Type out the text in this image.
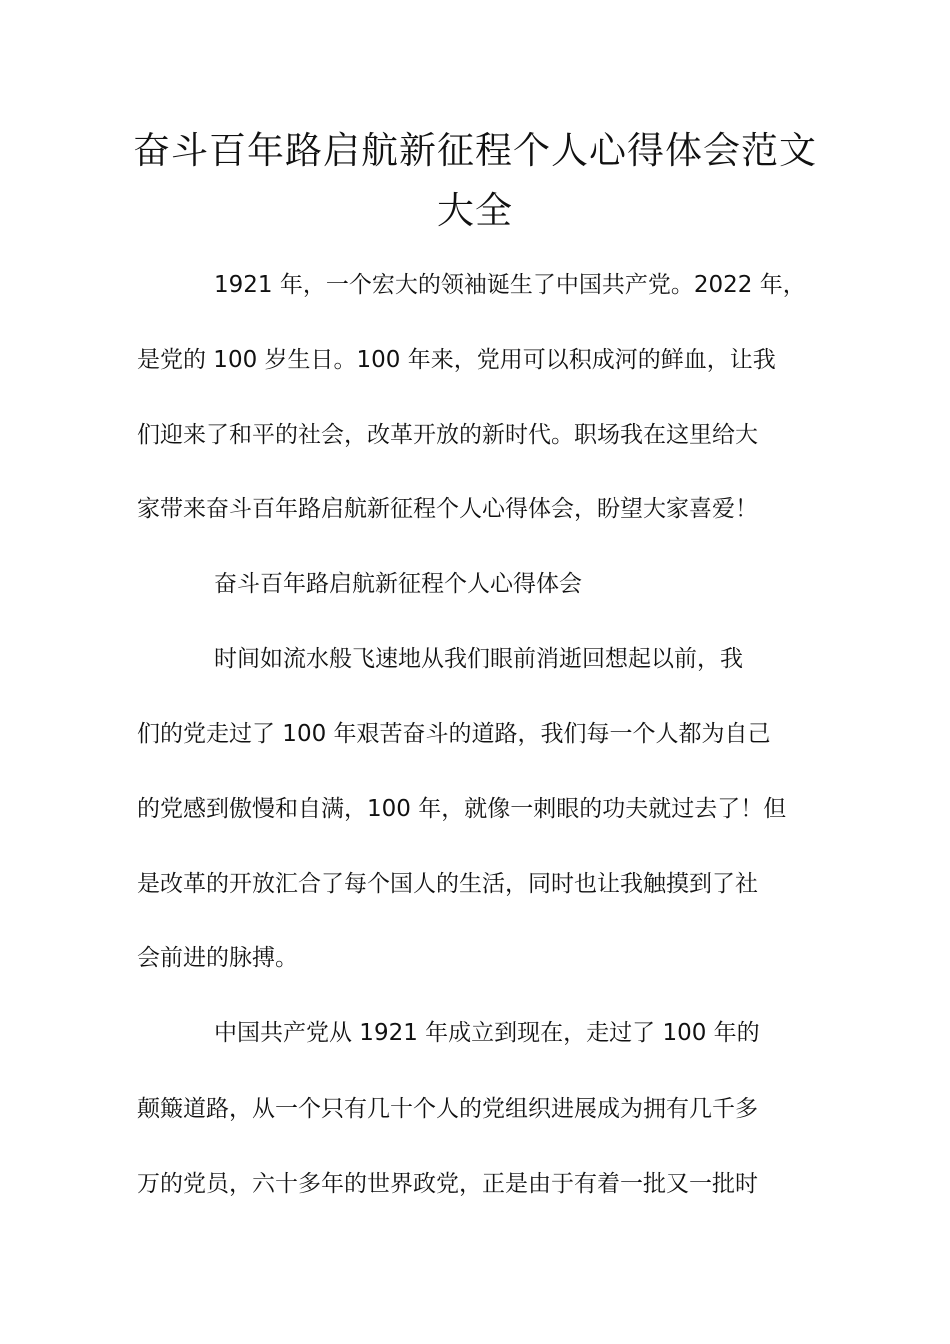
奋斗百年路启航新征程个人心得体会范文
大全

1921 年，一个宏大的领袖诞生了中国共产党。2022 年，

是党的 100 岁生日。100 年来，党用可以积成河的鲜血，让我

们迎来了和平的社会，改革开放的新时代。职场我在这里给大

家带来奋斗百年路启航新征程个人心得体会，盼望大家喜爱！

奋斗百年路启航新征程个人心得体会

时间如流水般飞速地从我们眼前消逝回想起以前，我

们的党走过了 100 年艰苦奋斗的道路，我们每一个人都为自己

的党感到傲慢和自满，100 年，就像一刺眼的功夫就过去了！但

是改革的开放汇合了每个国人的生活，同时也让我触摸到了社

会前进的脉搏。

中国共产党从 1921 年成立到现在，走过了 100 年的

颠簸道路，从一个只有几十个人的党组织进展成为拥有几千多

万的党员，六十多年的世界政党，正是由于有着一批又一批时
